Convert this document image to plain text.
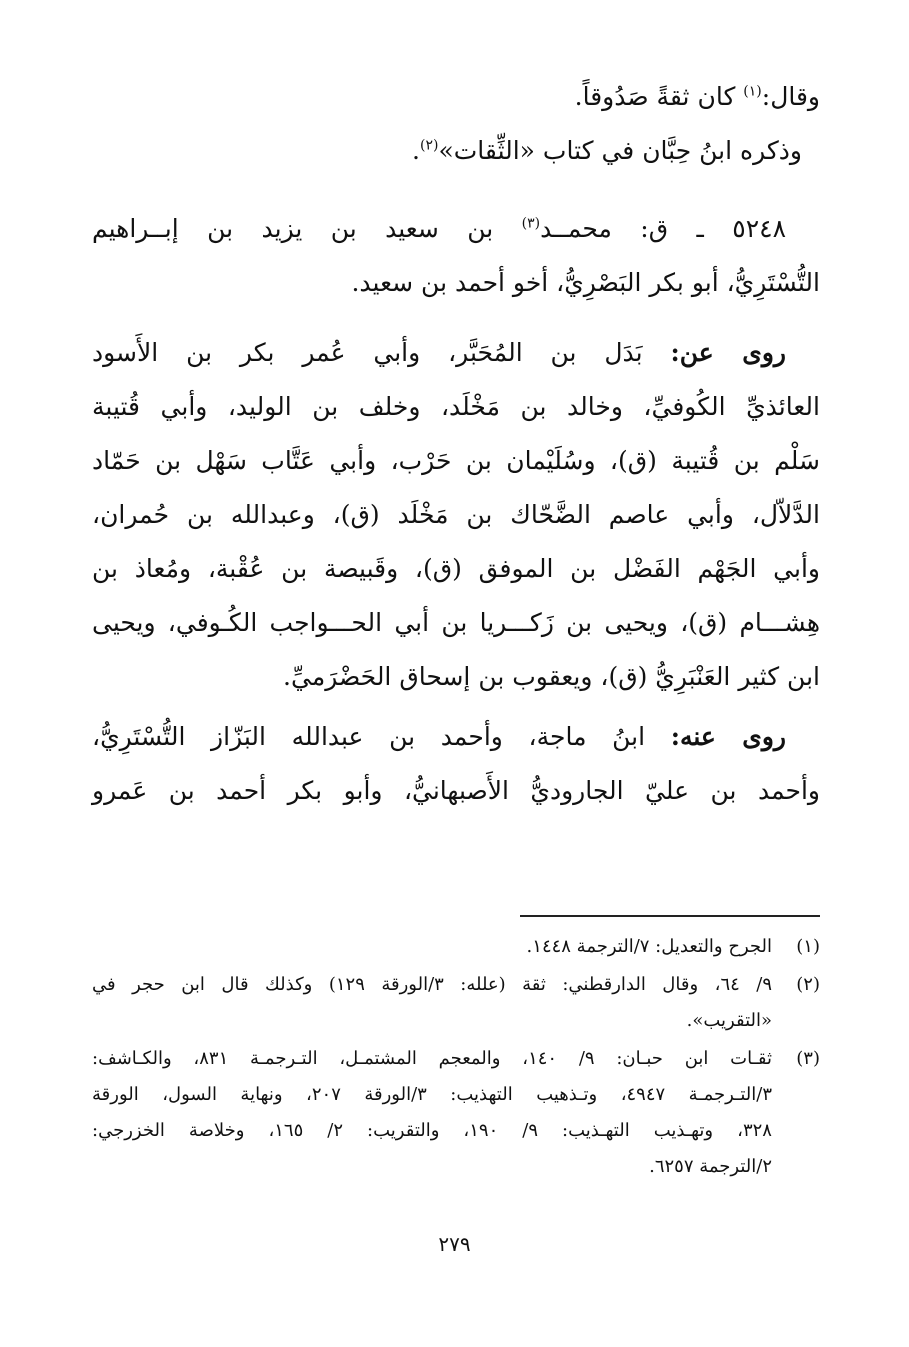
وقال:$^{(١)}$ كان ثقةً صَدُوقاً.
وذكره ابنُ حِبَّان في كتاب «الثِّقات»$^{(٢)}$.
٥٢٤٨ ـ ق: محمــد$^{(٣)}$ بن سعيد بن يزيد بن إبــراهيم
التُّسْتَرِيُّ، أبو بكر البَصْرِيُّ، أخو أحمد بن سعيد.
روى عن: بَدَل بن المُحَبَّر، وأبي عُمر بكر بن الأَسود
العائذيِّ الكُوفيِّ، وخالد بن مَخْلَد، وخلف بن الوليد، وأبي قُتيبة
سَلْم بن قُتيبة (ق)، وسُلَيْمان بن حَرْب، وأبي عَتَّاب سَهْل بن حَمّاد
الدَّلاّل، وأبي عاصم الضَّحّاك بن مَخْلَد (ق)، وعبدالله بن حُمران،
وأبي الجَهْم الفَضْل بن الموفق (ق)، وقَبيصة بن عُقْبة، ومُعاذ بن
هِشـــام (ق)، ويحيى بن زَكـــريا بن أبي الحـــواجب الكُـوفي، ويحيى
ابن كثير العَنْبَرِيُّ (ق)، ويعقوب بن إسحاق الحَضْرَميِّ.
روى عنه: ابنُ ماجة، وأحمد بن عبدالله البَزّاز التُّسْتَرِيُّ،
وأحمد بن عليّ الجاروديُّ الأَصبهانيُّ، وأبو بكر أحمد بن عَمرو
(١)
الجرح والتعديل: ٧/الترجمة ١٤٤٨.
(٢)
٩/ ٦٤، وقال الدارقطني: ثقة (علله: ٣/الورقة ١٢٩) وكذلك قال ابن حجر في
«التقريب».
(٣)
ثقـات ابن حبـان: ٩/ ١٤٠، والمعجم المشتمـل، التـرجمـة ٨٣١، والكـاشف:
٣/التـرجمـة ٤٩٤٧، وتـذهيب التهذيب: ٣/الورقة ٢٠٧، ونهاية السول، الورقة
٣٢٨، وتهـذيب التهـذيب: ٩/ ١٩٠، والتقريب: ٢/ ١٦٥، وخلاصة الخزرجي:
٢/الترجمة ٦٢٥٧.
٢٧٩
